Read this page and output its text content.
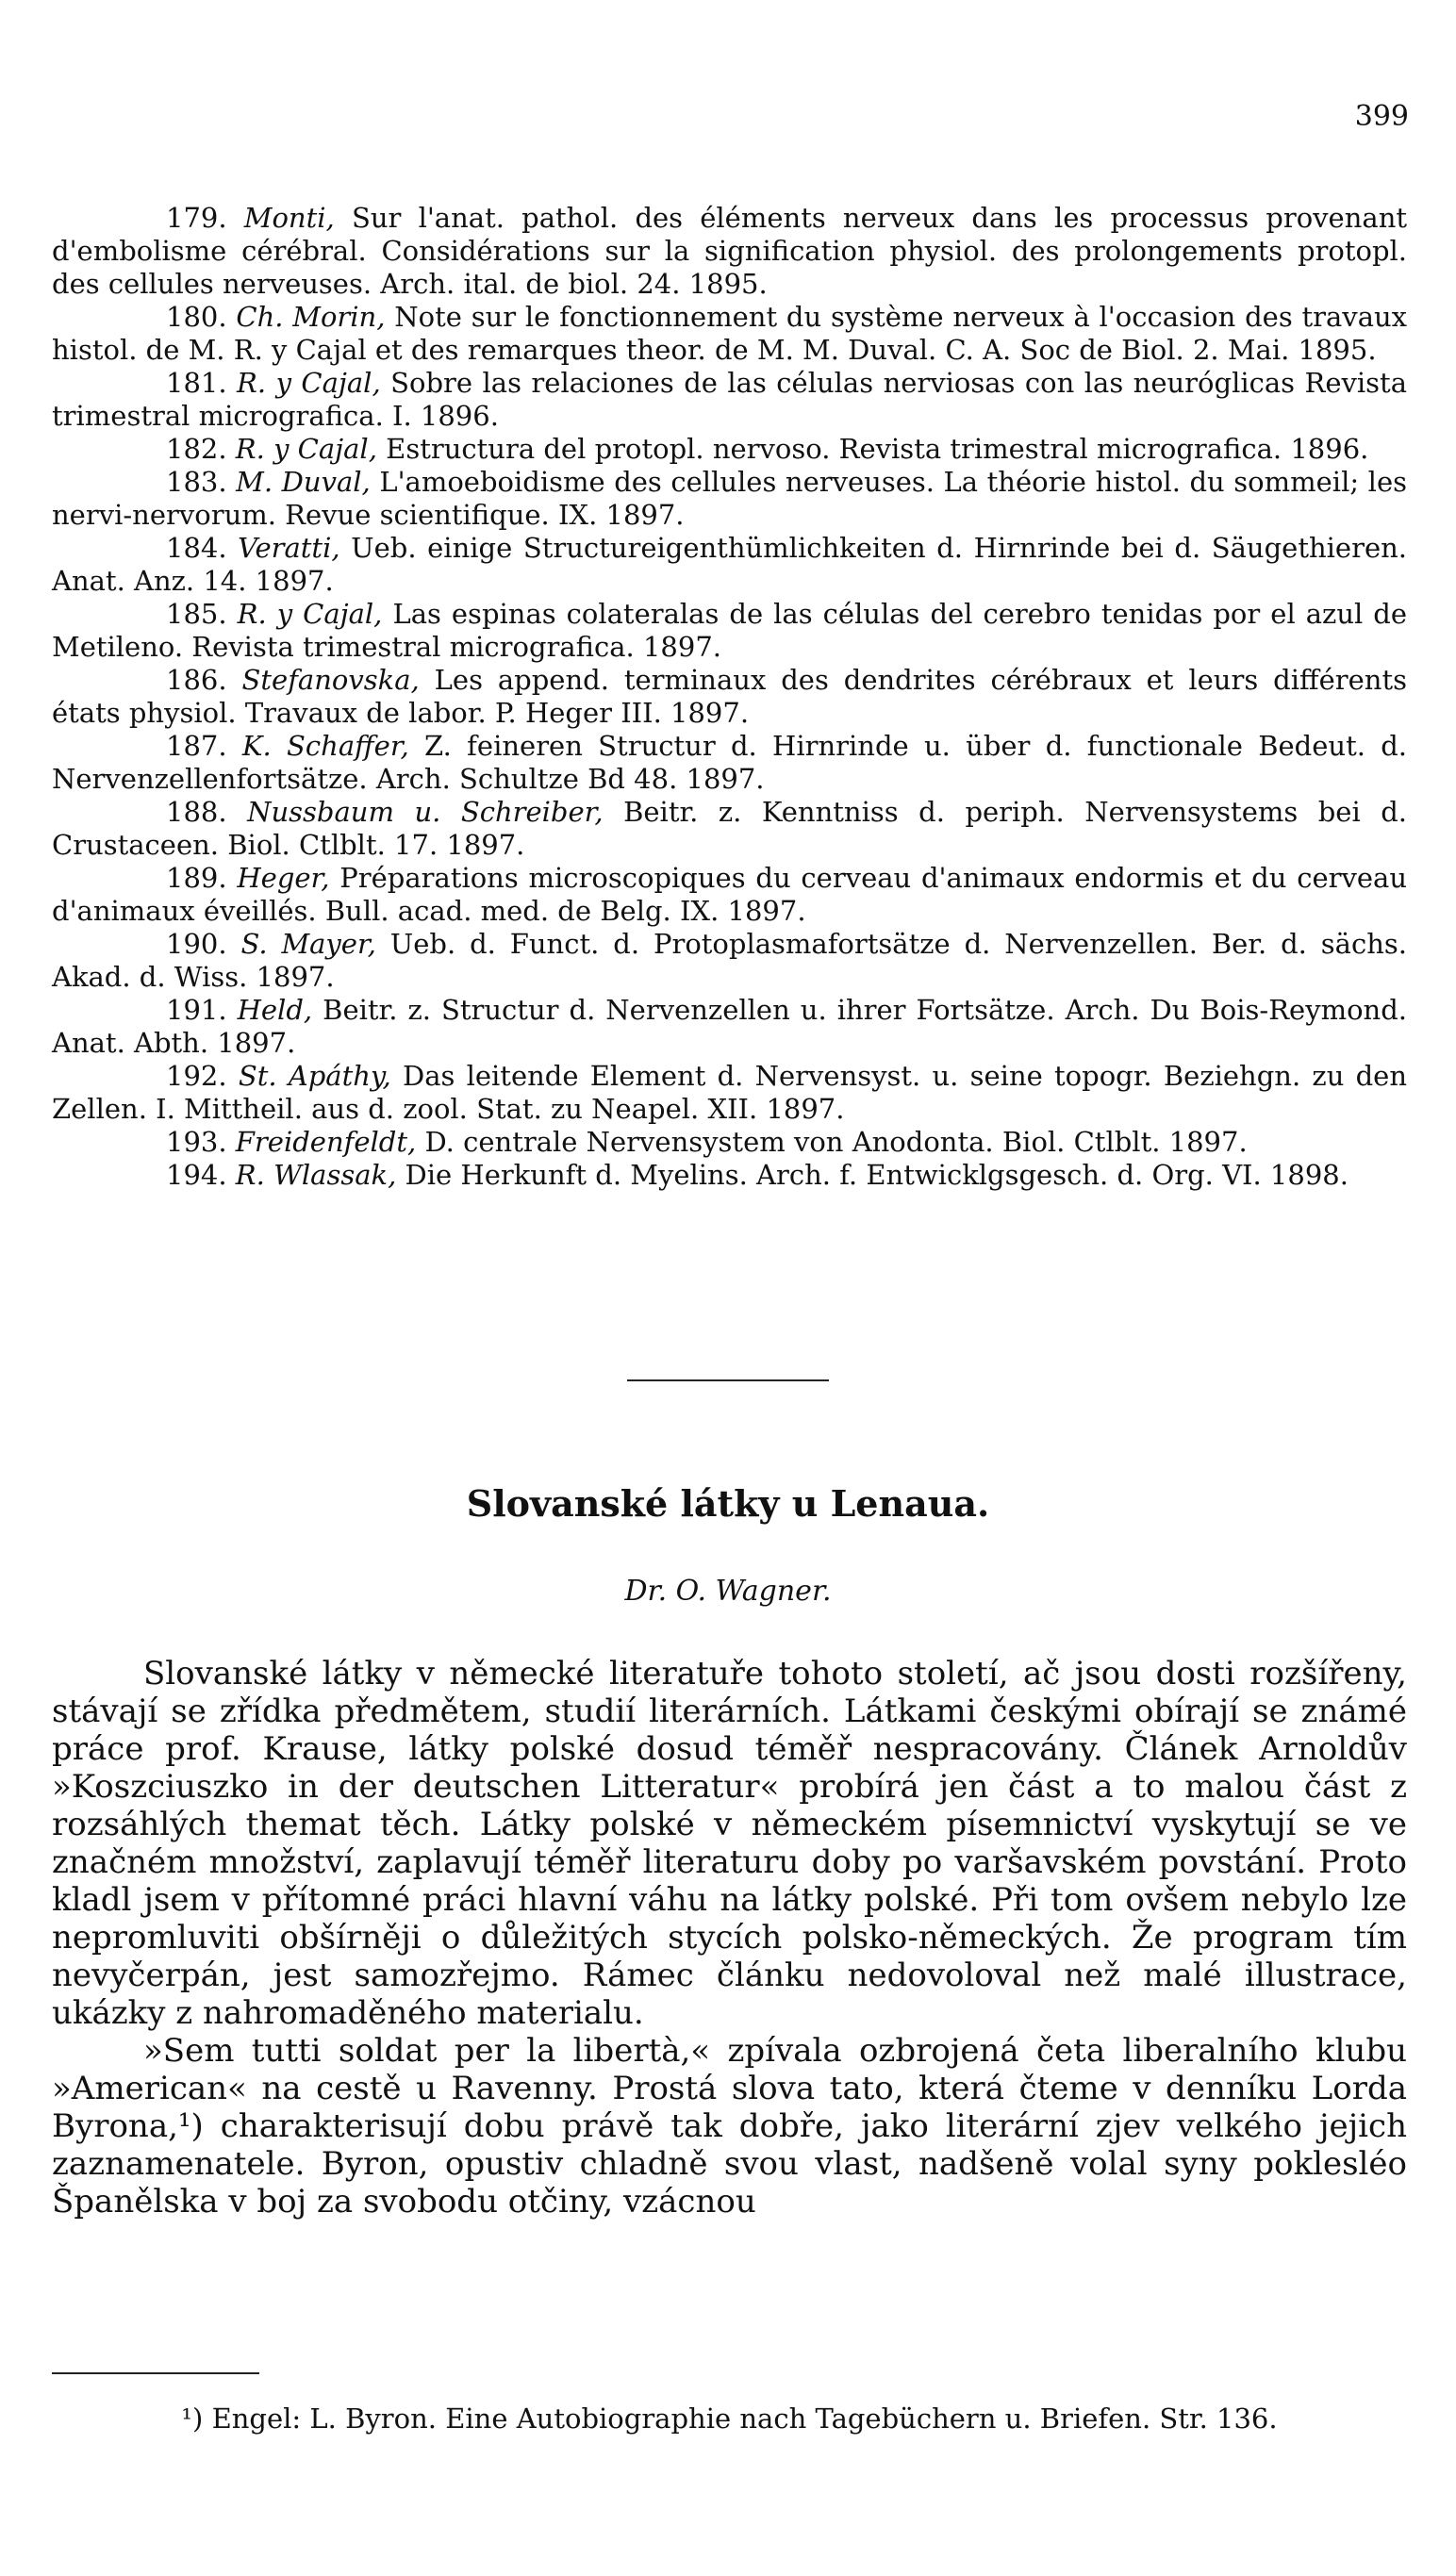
399

179. Monti, Sur l'anat. pathol. des éléments nerveux dans les processus provenant d'embolisme cérébral. Considérations sur la signification physiol. des prolongements protopl. des cellules nerveuses. Arch. ital. de biol. 24. 1895.

180. Ch. Morin, Note sur le fonctionnement du système nerveux à l'occasion des travaux histol. de M. R. y Cajal et des remarques theor. de M. M. Duval. C. A. Soc de Biol. 2. Mai. 1895.

181. R. y Cajal, Sobre las relaciones de las células nerviosas con las neuróglicas Revista trimestral micrografica. I. 1896.

182. R. y Cajal, Estructura del protopl. nervoso. Revista trimestral micrografica. 1896.

183. M. Duval, L'amoeboidisme des cellules nerveuses. La théorie histol. du sommeil; les nervi-nervorum. Revue scientifique. IX. 1897.

184. Veratti, Ueb. einige Structureigenthümlichkeiten d. Hirnrinde bei d. Säugethieren. Anat. Anz. 14. 1897.

185. R. y Cajal, Las espinas colateralas de las células del cerebro tenidas por el azul de Metileno. Revista trimestral micrografica. 1897.

186. Stefanovska, Les append. terminaux des dendrites cérébraux et leurs différents états physiol. Travaux de labor. P. Heger III. 1897.

187. K. Schaffer, Z. feineren Structur d. Hirnrinde u. über d. functionale Bedeut. d. Nervenzellenfortsätze. Arch. Schultze Bd 48. 1897.

188. Nussbaum u. Schreiber, Beitr. z. Kenntniss d. periph. Nervensystems bei d. Crustaceen. Biol. Ctlblt. 17. 1897.

189. Heger, Préparations microscopiques du cerveau d'animaux endormis et du cerveau d'animaux éveillés. Bull. acad. med. de Belg. IX. 1897.

190. S. Mayer, Ueb. d. Funct. d. Protoplasmafortsätze d. Nervenzellen. Ber. d. sächs. Akad. d. Wiss. 1897.

191. Held, Beitr. z. Structur d. Nervenzellen u. ihrer Fortsätze. Arch. Du Bois-Reymond. Anat. Abth. 1897.

192. St. Apáthy, Das leitende Element d. Nervensyst. u. seine topogr. Beziehgn. zu den Zellen. I. Mittheil. aus d. zool. Stat. zu Neapel. XII. 1897.

193. Freidenfeldt, D. centrale Nervensystem von Anodonta. Biol. Ctlblt. 1897.

194. R. Wlassak, Die Herkunft d. Myelins. Arch. f. Entwicklgsgesch. d. Org. VI. 1898.

Slovanské látky u Lenaua.
Dr. O. Wagner.

Slovanské látky v německé literatuře tohoto století, ač jsou dosti rozšířeny, stávají se zřídka předmětem, studií literárních. Látkami českými obírají se známé práce prof. Krause, látky polské dosud téměř nespracovány. Článek Arnoldův »Koszciuszko in der deutschen Litteratur« probírá jen část a to malou část z rozsáhlých themat těch. Látky polské v německém písemnictví vyskytují se ve značném množství, zaplavují téměř literaturu doby po varšavském povstání. Proto kladl jsem v přítomné práci hlavní váhu na látky polské. Při tom ovšem nebylo lze nepromluviti obšírněji o důležitých stycích polsko-německých. Že program tím nevyčerpán, jest samozřejmo. Rámec článku nedovoloval než malé illustrace, ukázky z nahromaděného materialu.

»Sem tutti soldat per la libertà,« zpívala ozbrojená četa liberalního klubu »American« na cestě u Ravenny. Prostá slova tato, která čteme v denníku Lorda Byrona,¹) charakterisují dobu právě tak dobře, jako literární zjev velkého jejich zaznamenatele. Byron, opustiv chladně svou vlast, nadšeně volal syny poklesléo Španělska v boj za svobodu otčiny, vzácnou

¹) Engel: L. Byron. Eine Autobiographie nach Tagebüchern u. Briefen. Str. 136.
